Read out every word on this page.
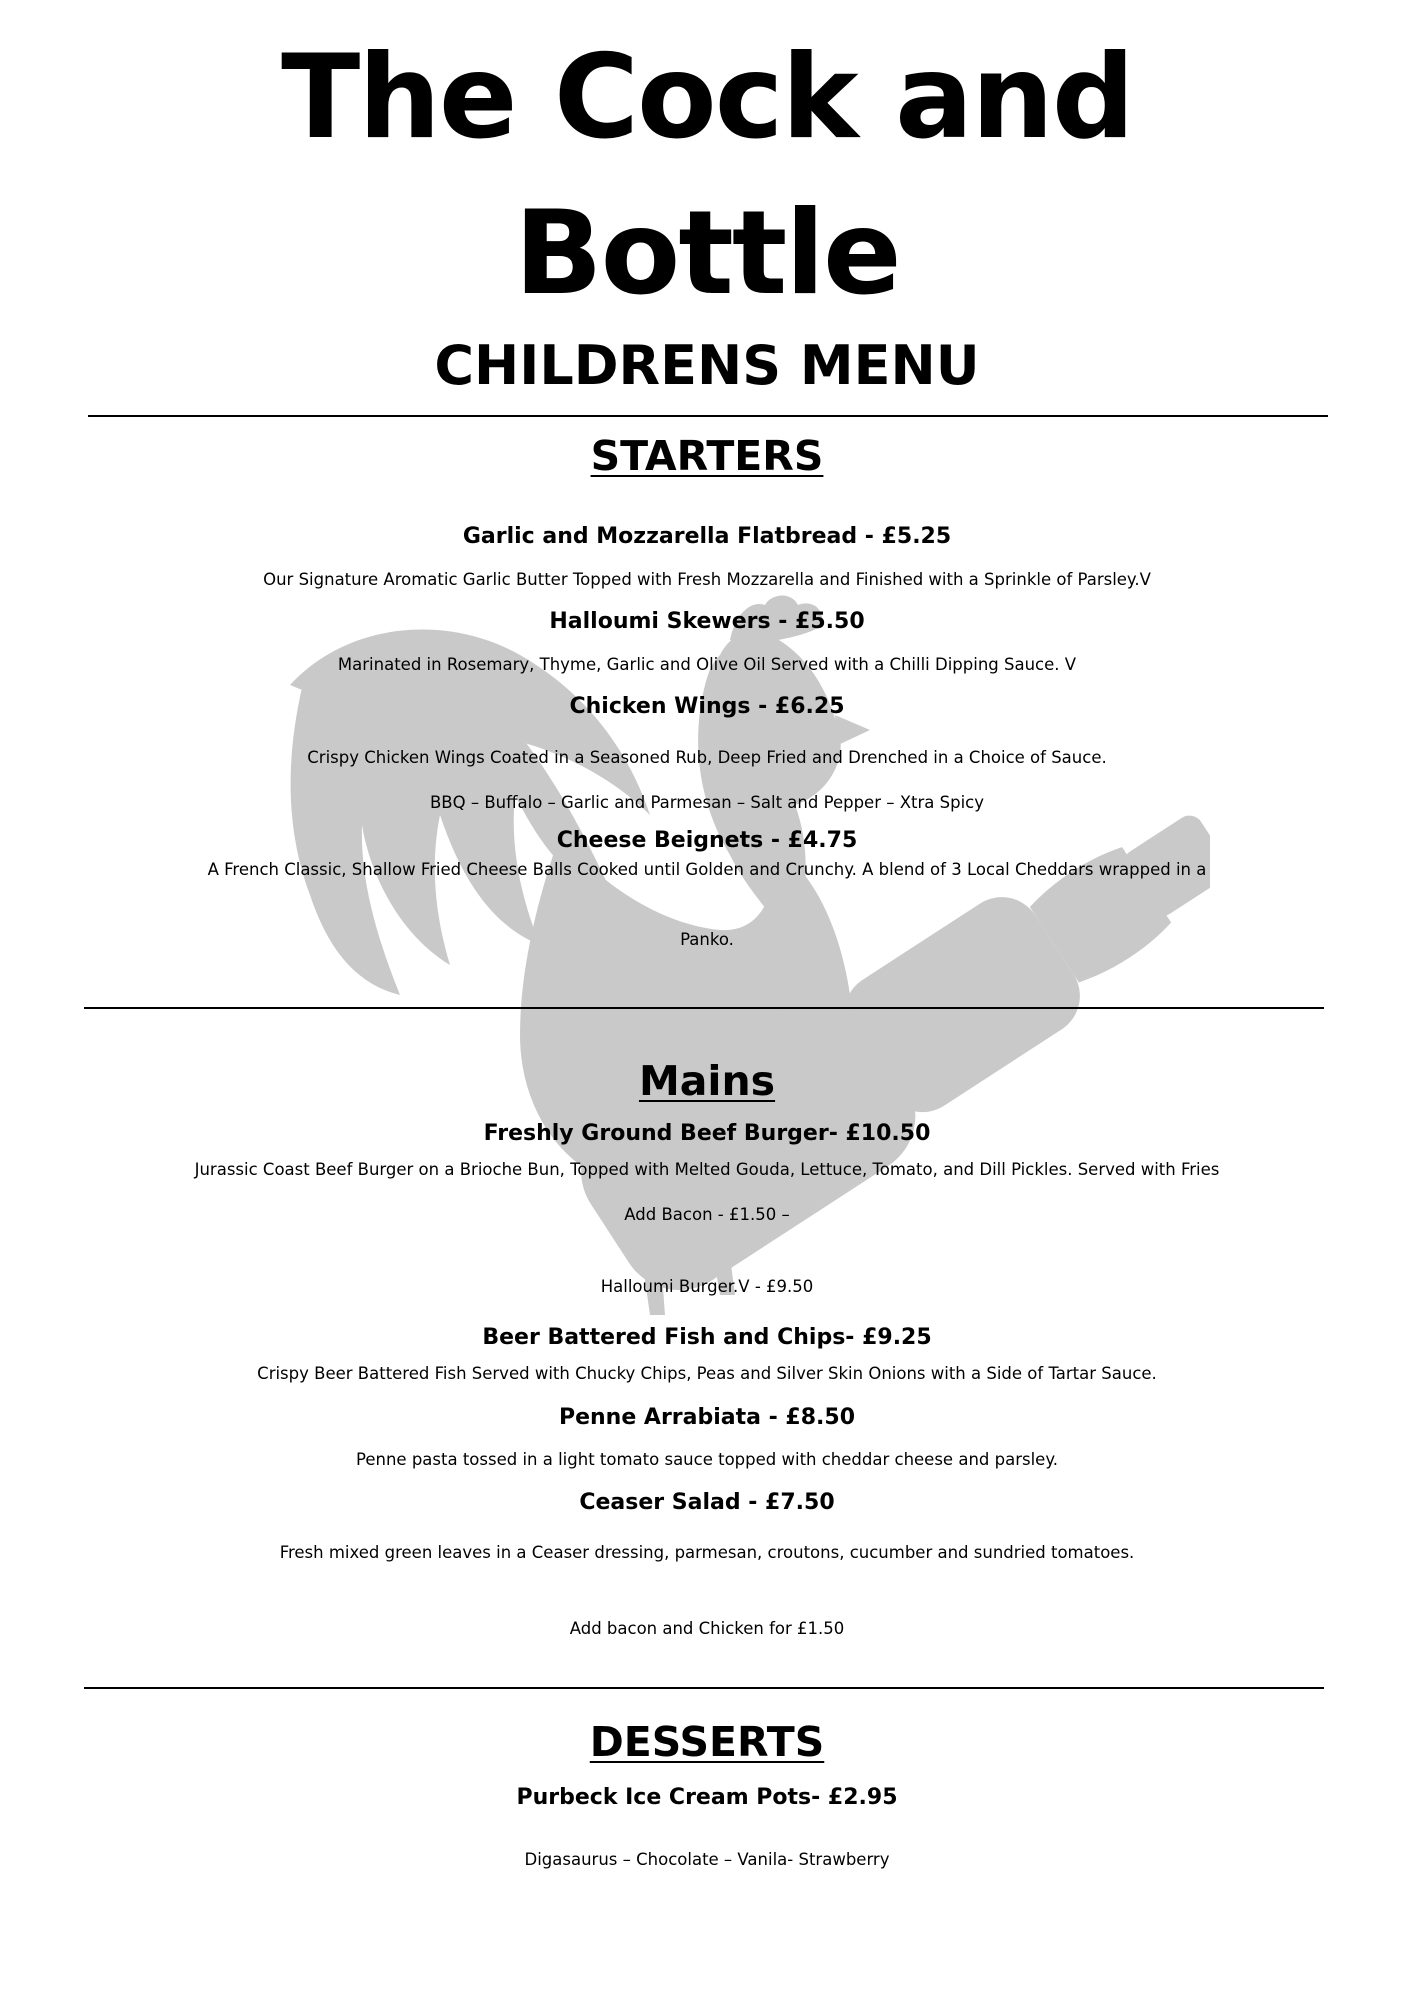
The Cock and
Bottle
CHILDRENS MENU
STARTERS
Garlic and Mozzarella Flatbread - £5.25
Our Signature Aromatic Garlic Butter Topped with Fresh Mozzarella and Finished with a Sprinkle of Parsley.V
Halloumi Skewers - £5.50
Marinated in Rosemary, Thyme, Garlic and Olive Oil Served with a Chilli Dipping Sauce. V
Chicken Wings - £6.25
Crispy Chicken Wings Coated in a Seasoned Rub, Deep Fried and Drenched in a Choice of Sauce.
BBQ – Buffalo – Garlic and Parmesan – Salt and Pepper – Xtra Spicy
Cheese Beignets - £4.75
A French Classic, Shallow Fried Cheese Balls Cooked until Golden and Crunchy. A blend of 3 Local Cheddars wrapped in a
Panko.
Mains
Freshly Ground Beef Burger- £10.50
Jurassic Coast Beef Burger on a Brioche Bun, Topped with Melted Gouda, Lettuce, Tomato, and Dill Pickles. Served with Fries
Add Bacon - £1.50 –
Halloumi Burger.V - £9.50
Beer Battered Fish and Chips- £9.25
Crispy Beer Battered Fish Served with Chucky Chips, Peas and Silver Skin Onions with a Side of Tartar Sauce.
Penne Arrabiata - £8.50
Penne pasta tossed in a light tomato sauce topped with cheddar cheese and parsley.
Ceaser Salad - £7.50
Fresh mixed green leaves in a Ceaser dressing, parmesan, croutons, cucumber and sundried tomatoes.
Add bacon and Chicken for £1.50
DESSERTS
Purbeck Ice Cream Pots- £2.95
Digasaurus – Chocolate – Vanila- Strawberry
